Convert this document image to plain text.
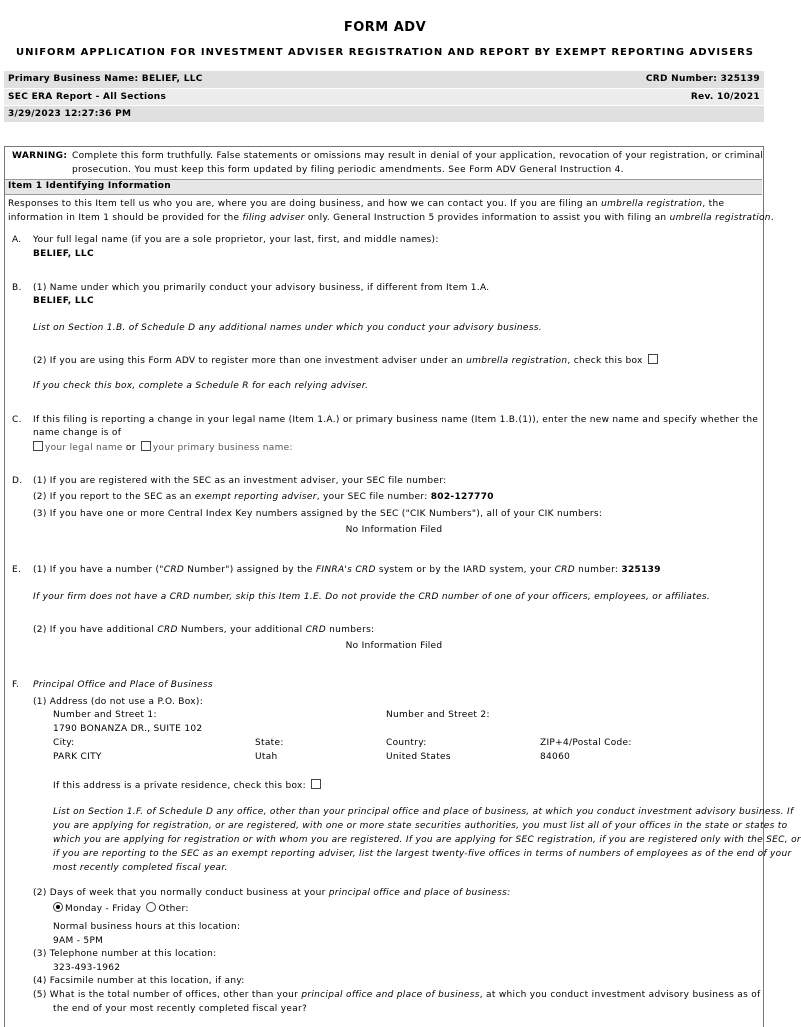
FORM ADV
UNIFORM APPLICATION FOR INVESTMENT ADVISER REGISTRATION AND REPORT BY EXEMPT REPORTING ADVISERS
Primary Business Name: BELIEF, LLC	CRD Number: 325139
SEC ERA Report - All Sections	Rev. 10/2021
3/29/2023 12:27:36 PM
WARNING: Complete this form truthfully. False statements or omissions may result in denial of your application, revocation of your registration, or criminal
prosecution. You must keep this form updated by filing periodic amendments. See Form ADV General Instruction 4.
Item 1 Identifying Information
Responses to this Item tell us who you are, where you are doing business, and how we can contact you. If you are filing an umbrella registration, the
information in Item 1 should be provided for the filing adviser only. General Instruction 5 provides information to assist you with filing an umbrella registration.
A. Your full legal name (if you are a sole proprietor, your last, first, and middle names):
BELIEF, LLC
B. (1) Name under which you primarily conduct your advisory business, if different from Item 1.A.
BELIEF, LLC
List on Section 1.B. of Schedule D any additional names under which you conduct your advisory business.
(2) If you are using this Form ADV to register more than one investment adviser under an umbrella registration, check this box
If you check this box, complete a Schedule R for each relying adviser.
C. If this filing is reporting a change in your legal name (Item 1.A.) or primary business name (Item 1.B.(1)), enter the new name and specify whether the
name change is of
your legal name or your primary business name:
D. (1) If you are registered with the SEC as an investment adviser, your SEC file number:
(2) If you report to the SEC as an exempt reporting adviser, your SEC file number: 802-127770
(3) If you have one or more Central Index Key numbers assigned by the SEC ("CIK Numbers"), all of your CIK numbers:
No Information Filed
E. (1) If you have a number ("CRD Number") assigned by the FINRA's CRD system or by the IARD system, your CRD number: 325139
If your firm does not have a CRD number, skip this Item 1.E. Do not provide the CRD number of one of your officers, employees, or affiliates.
(2) If you have additional CRD Numbers, your additional CRD numbers:
No Information Filed
F. Principal Office and Place of Business
(1) Address (do not use a P.O. Box):
Number and Street 1:	Number and Street 2:
1790 BONANZA DR., SUITE 102
City:	State:	Country:	ZIP+4/Postal Code:
PARK CITY	Utah	United States	84060
If this address is a private residence, check this box:
List on Section 1.F. of Schedule D any office, other than your principal office and place of business, at which you conduct investment advisory business. If
you are applying for registration, or are registered, with one or more state securities authorities, you must list all of your offices in the state or states to
which you are applying for registration or with whom you are registered. If you are applying for SEC registration, if you are registered only with the SEC, or
if you are reporting to the SEC as an exempt reporting adviser, list the largest twenty-five offices in terms of numbers of employees as of the end of your
most recently completed fiscal year.
(2) Days of week that you normally conduct business at your principal office and place of business:
Monday - Friday Other:
Normal business hours at this location:
9AM - 5PM
(3) Telephone number at this location:
323-493-1962
(4) Facsimile number at this location, if any:
(5) What is the total number of offices, other than your principal office and place of business, at which you conduct investment advisory business as of
the end of your most recently completed fiscal year?
